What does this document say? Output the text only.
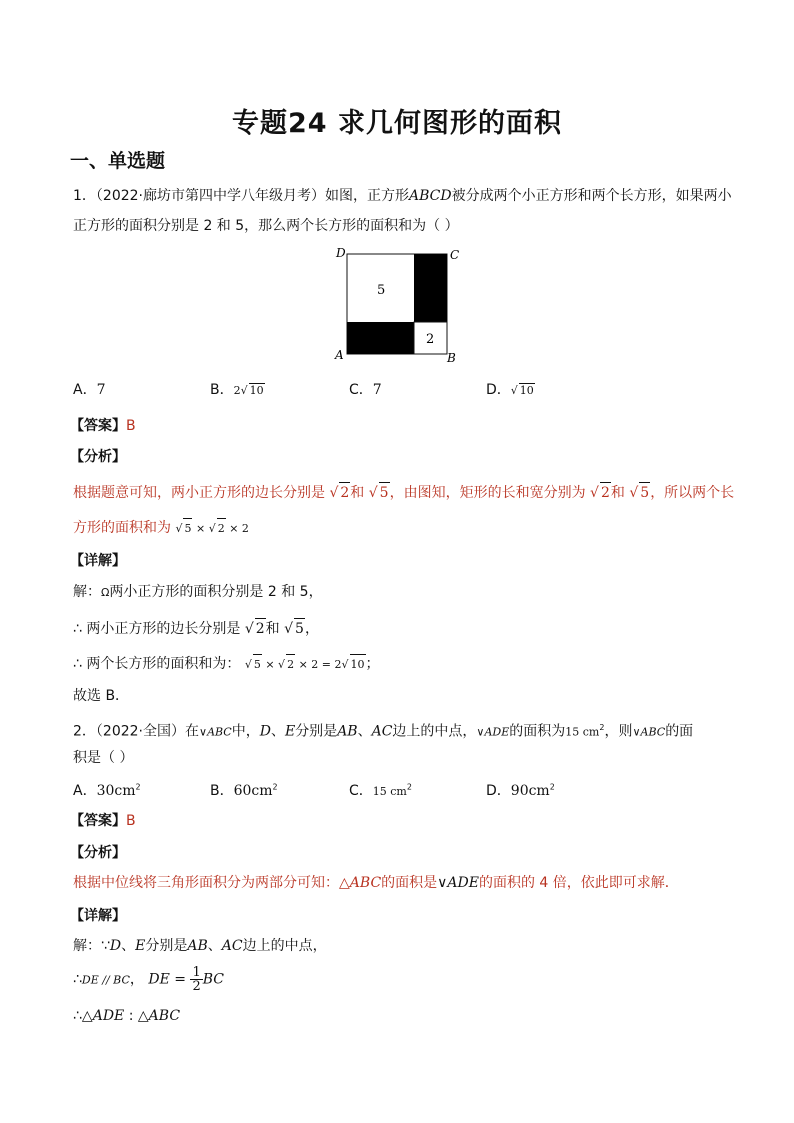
专题24 求几何图形的面积
一、单选题
1．（2022·廊坊市第四中学八年级月考）如图，正方形ABCD被分成两个小正方形和两个长方形，如果两小
正方形的面积分别是 2 和 5，那么两个长方形的面积和为（ ）
D	C
A	B
5
2
A．7	B．2√ 10	C．7	D．√ 10
【答案】B
【分析】
根据题意可知，两小正方形的边长分别是 √ 2和 √ 5，由图知，矩形的长和宽分别为 √ 2和 √ 5，所以两个长
方形的面积和为 √ 5 × √ 2 × 2
【详解】
解：Ω两小正方形的面积分别是 2 和 5，
∴ 两小正方形的边长分别是 √ 2和 √ 5，
∴ 两个长方形的面积和为： √ 5 × √ 2 × 2 = 2√ 10；
故选 B．
2．（2022·全国）在∨ABC中，D、E分别是AB、AC边上的中点，∨ADE的面积为15 $cm^2$，则∨ABC的面
积是（ ）
A．$30cm^2$	B．$60cm^2$	C．15 $cm^2$	D．$90cm^2$
【答案】B
【分析】
根据中位线将三角形面积分为两部分可知：△ABC的面积是∨ADE的面积的 4 倍，依此即可求解．
【详解】
解：∵D、E分别是AB、AC边上的中点，
∴DE // BC， DE = $\frac{1}{2}$ BC
∴△ADE : △ABC
